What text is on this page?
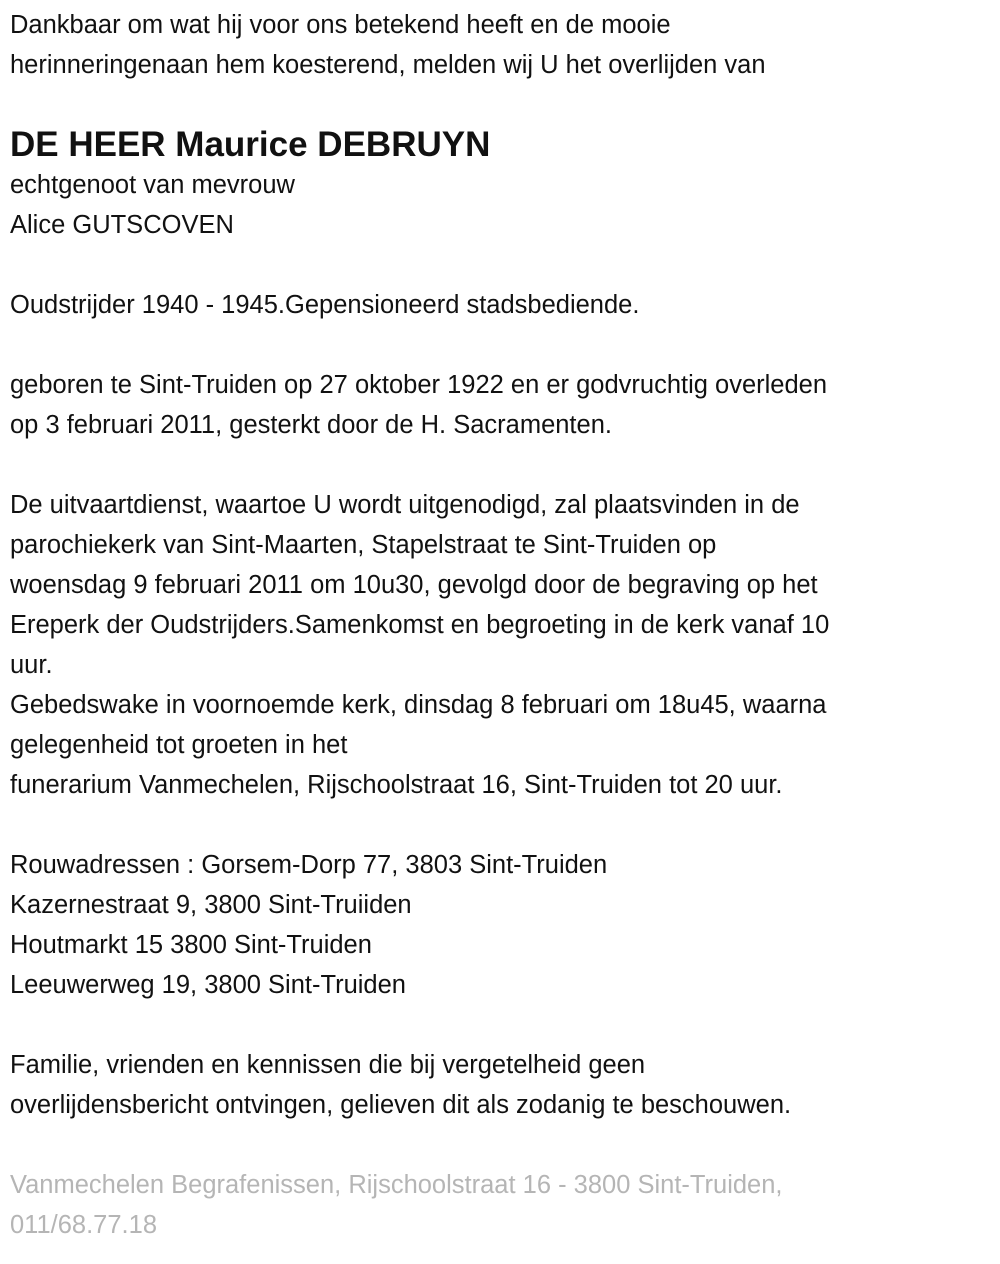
Dankbaar om wat hij voor ons betekend heeft en de mooie
herinneringenaan hem koesterend, melden wij U het overlijden van
DE HEER Maurice DEBRUYN
echtgenoot van mevrouw
Alice GUTSCOVEN
Oudstrijder 1940 - 1945.Gepensioneerd stadsbediende.
geboren te Sint-Truiden op 27 oktober 1922 en er godvruchtig overleden
op 3 februari 2011, gesterkt door de H. Sacramenten.
De uitvaartdienst, waartoe U wordt uitgenodigd, zal plaatsvinden in de
parochiekerk van Sint-Maarten, Stapelstraat te Sint-Truiden op
woensdag 9 februari 2011 om 10u30, gevolgd door de begraving op het
Ereperk der Oudstrijders.Samenkomst en begroeting in de kerk vanaf 10
uur.
Gebedswake in voornoemde kerk, dinsdag 8 februari om 18u45, waarna
gelegenheid tot groeten in het
funerarium Vanmechelen, Rijschoolstraat 16, Sint-Truiden tot 20 uur.
Rouwadressen : Gorsem-Dorp 77, 3803 Sint-Truiden
Kazernestraat 9, 3800 Sint-Truiiden
Houtmarkt 15 3800 Sint-Truiden
Leeuwerweg 19, 3800 Sint-Truiden
Familie, vrienden en kennissen die bij vergetelheid geen
overlijdensbericht ontvingen, gelieven dit als zodanig te beschouwen.
Vanmechelen Begrafenissen, Rijschoolstraat 16 - 3800 Sint-Truiden,
011/68.77.18
